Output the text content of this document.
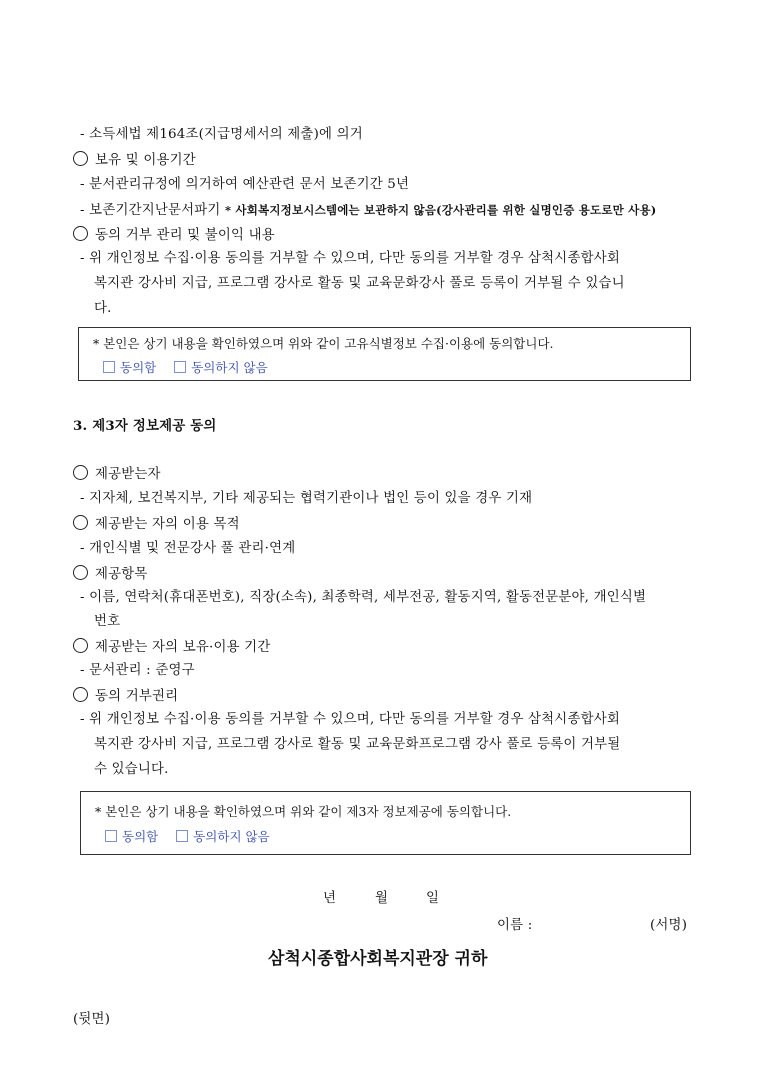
- 소득세법 제164조(지급명세서의 제출)에 의거
보유 및 이용기간
- 분서관리규정에 의거하여 예산관련 문서 보존기간 5년
- 보존기간지난문서파기 * 사회복지정보시스템에는 보관하지 않음(강사관리를 위한 실명인증 용도로만 사용)
동의 거부 관리 및 불이익 내용
- 위 개인정보 수집·이용 동의를 거부할 수 있으며, 다만 동의를 거부할 경우 삼척시종합사회
복지관 강사비 지급, 프로그램 강사로 활동 및 교육문화강사 풀로 등록이 거부될 수 있습니
다.
* 본인은 상기 내용을 확인하였으며 위와 같이 고유식별정보 수집·이용에 동의합니다.
동의함	동의하지 않음
3. 제3자 정보제공 동의
제공받는자
- 지자체, 보건복지부, 기타 제공되는 협력기관이나 법인 등이 있을 경우 기재
제공받는 자의 이용 목적
- 개인식별 및 전문강사 풀 관리·연계
제공항목
- 이름, 연락처(휴대폰번호), 직장(소속), 최종학력, 세부전공, 활동지역, 활동전문분야, 개인식별
번호
제공받는 자의 보유·이용 기간
- 문서관리 : 준영구
동의 거부권리
- 위 개인정보 수집·이용 동의를 거부할 수 있으며, 다만 동의를 거부할 경우 삼척시종합사회
복지관 강사비 지급, 프로그램 강사로 활동 및 교육문화프로그램 강사 풀로 등록이 거부될
수 있습니다.
* 본인은 상기 내용을 확인하였으며 위와 같이 제3자 정보제공에 동의합니다.
동의함	동의하지 않음
년	월	일
이름 :	(서명)
삼척시종합사회복지관장 귀하
(뒷면)
